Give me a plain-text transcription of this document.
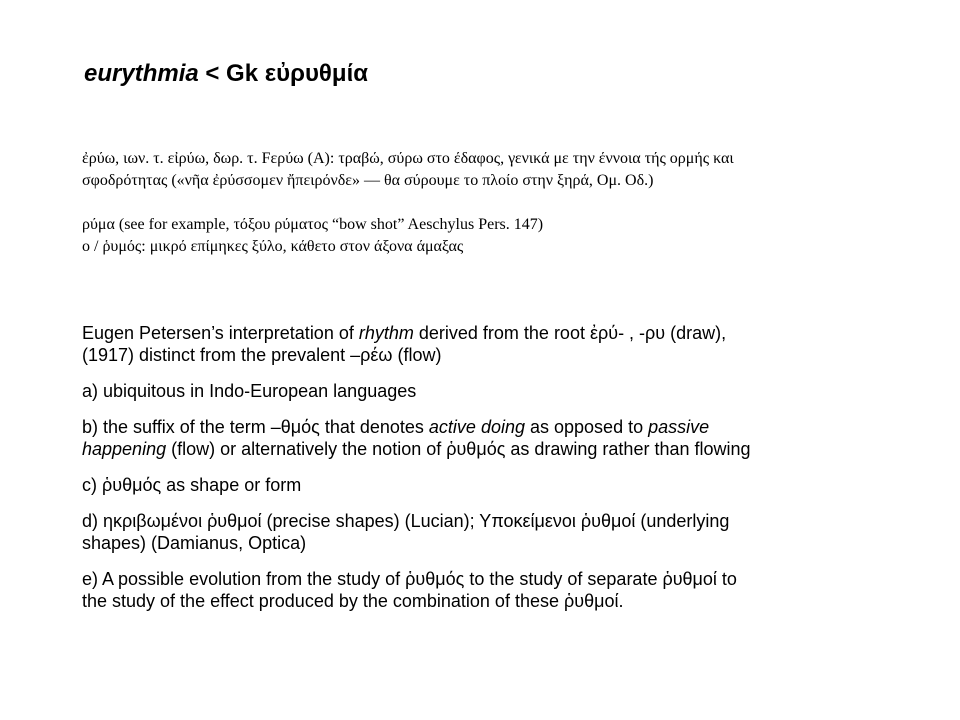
eurythmia < Gk εὐρυθμία

ἐρύω, ιων. τ. εἰρύω, δωρ. τ. Fερύω (Α): τραβώ, σύρω στο έδαφος, γενικά με την έννοια τής ορμής και

σφοδρότητας («νῆα ἐρύσσομεν ἤπειρόνδε» — θα σύρουμε το πλοίο στην ξηρά, Ομ. Οδ.)

ρύμα (see for example, τόξου ρύματος “bow shot” Aeschylus Pers. 147)

ο / ῥυμός: μικρό επίμηκες ξύλο, κάθετο στον άξονα άμαξας

Eugen Petersen’s interpretation of rhythm derived from the root ἐρύ- , -ρυ (draw),
(1917) distinct from the prevalent –ρέω (flow)

a) ubiquitous in Indo-European languages

b) the suffix of the term –θμός that denotes active doing as opposed to passive
happening (flow) or alternatively the notion of ῥυθμός as drawing rather than flowing

c) ῥυθμός as shape or form

d) ηκριβωμένοι ῥυθμοί (precise shapes) (Lucian); Υποκείμενοι ῥυθμοί (underlying
shapes) (Damianus, Optica)

e) A possible evolution from the study of ῥυθμός to the study of separate ῥυθμοί to
the study of the effect produced by the combination of these ῥυθμοί.
